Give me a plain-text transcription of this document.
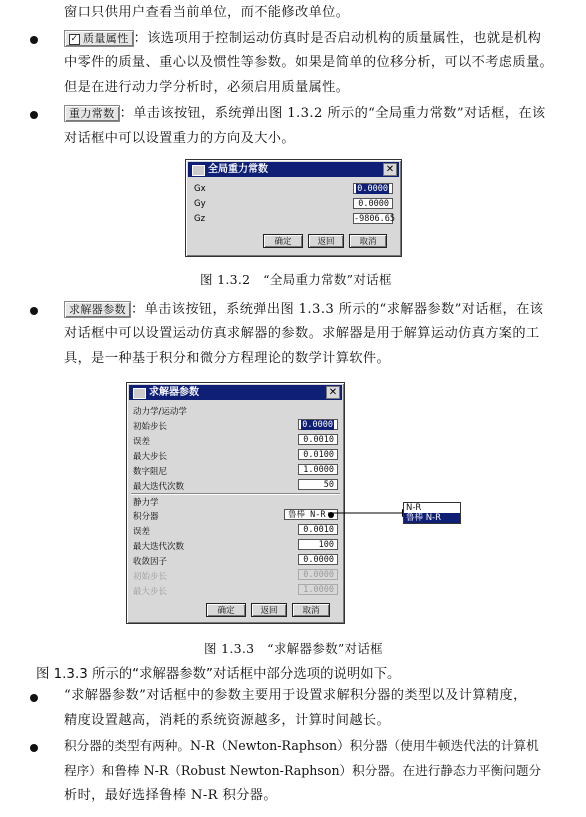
窗口只供用户查看当前单位，而不能修改单位。
✓ 质量属性 ：该选项用于控制运动仿真时是否启动机构的质量属性，也就是机构
中零件的质量、重心以及惯性等参数。如果是简单的位移分析，可以不考虑质量。
但是在进行动力学分析时，必须启用质量属性。
重力常数 ：单击该按钮，系统弹出图 1.3.2 所示的“全局重力常数”对话框，在该
对话框中可以设置重力的方向及大小。
全局重力常数	✕
Gx	0.0000
Gy	0.0000
Gz	-9806.65
确定	返回	取消
图 1.3.2　“全局重力常数”对话框
求解器参数 ：单击该按钮，系统弹出图 1.3.3 所示的“求解器参数”对话框，在该
对话框中可以设置运动仿真求解器的参数。求解器是用于解算运动仿真方案的工
具，是一种基于积分和微分方程理论的数学计算软件。
求解器参数	✕
动力学/运动学
初始步长	0.0000
误差	0.0010
最大步长	0.0100
数字阻尼	1.0000
最大迭代次数	50
静力学
积分器	鲁棒 N-R
误差	0.0010
最大迭代次数	100
收敛因子	0.0000
初始步长	0.0000
最大步长	1.0000
确定	返回	取消
N-R
鲁棒 N-R
图 1.3.3　“求解器参数”对话框
图 1.3.3 所示的“求解器参数”对话框中部分选项的说明如下。
“求解器参数”对话框中的参数主要用于设置求解积分器的类型以及计算精度，
精度设置越高，消耗的系统资源越多，计算时间越长。
积分器的类型有两种。N-R（Newton-Raphson）积分器（使用牛顿迭代法的计算机
程序）和鲁棒 N-R（Robust Newton-Raphson）积分器。在进行静态力平衡问题分
析时，最好选择鲁棒 N-R 积分器。
